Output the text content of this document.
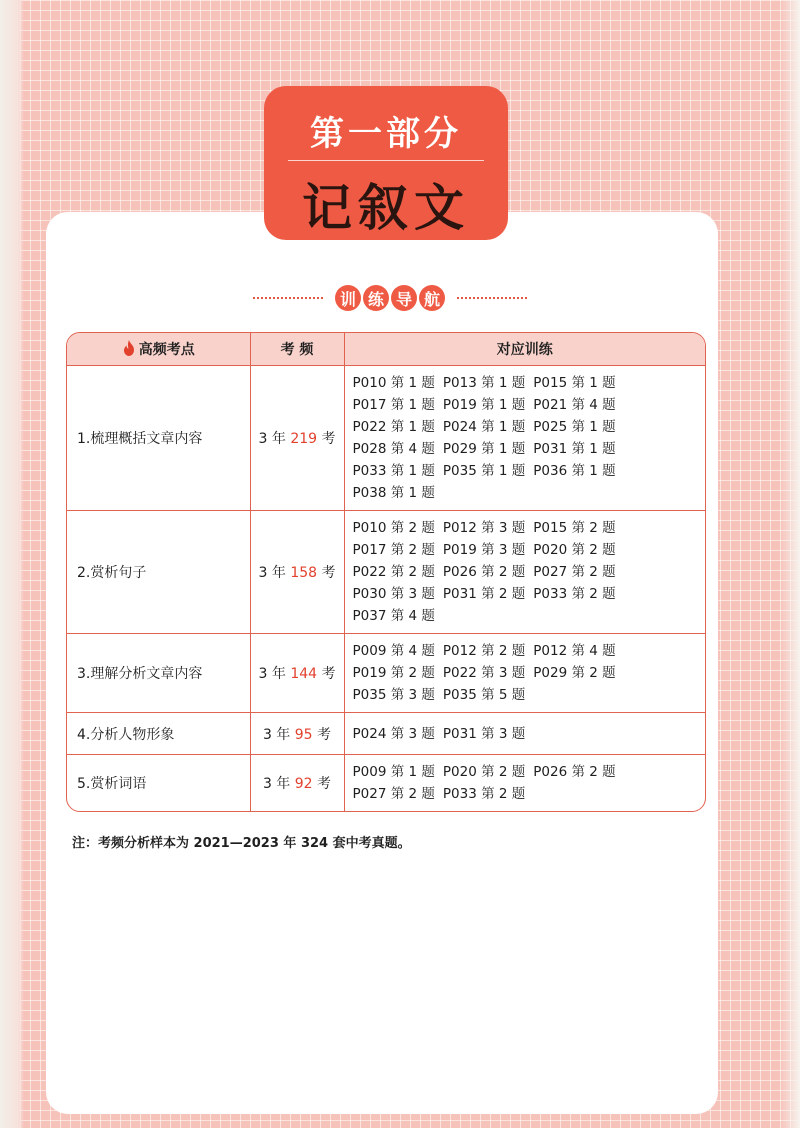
第一部分
记叙文
训 练 导 航
高频考点	考 频	对应训练
1.梳理概括文章内容	3 年 219 考	P010 第 1 题 P013 第 1 题 P015 第 1 题P017 第 1 题 P019 第 1 题 P021 第 4 题P022 第 1 题 P024 第 1 题 P025 第 1 题P028 第 4 题 P029 第 1 题 P031 第 1 题P033 第 1 题 P035 第 1 题 P036 第 1 题P038 第 1 题
2.赏析句子	3 年 158 考	P010 第 2 题 P012 第 3 题 P015 第 2 题P017 第 2 题 P019 第 3 题 P020 第 2 题P022 第 2 题 P026 第 2 题 P027 第 2 题P030 第 3 题 P031 第 2 题 P033 第 2 题P037 第 4 题
3.理解分析文章内容	3 年 144 考	P009 第 4 题 P012 第 2 题 P012 第 4 题P019 第 2 题 P022 第 3 题 P029 第 2 题P035 第 3 题 P035 第 5 题
4.分析人物形象	3 年 95 考	P024 第 3 题 P031 第 3 题
5.赏析词语	3 年 92 考	P009 第 1 题 P020 第 2 题 P026 第 2 题P027 第 2 题 P033 第 2 题

注：考频分析样本为 2021—2023 年 324 套中考真题。
